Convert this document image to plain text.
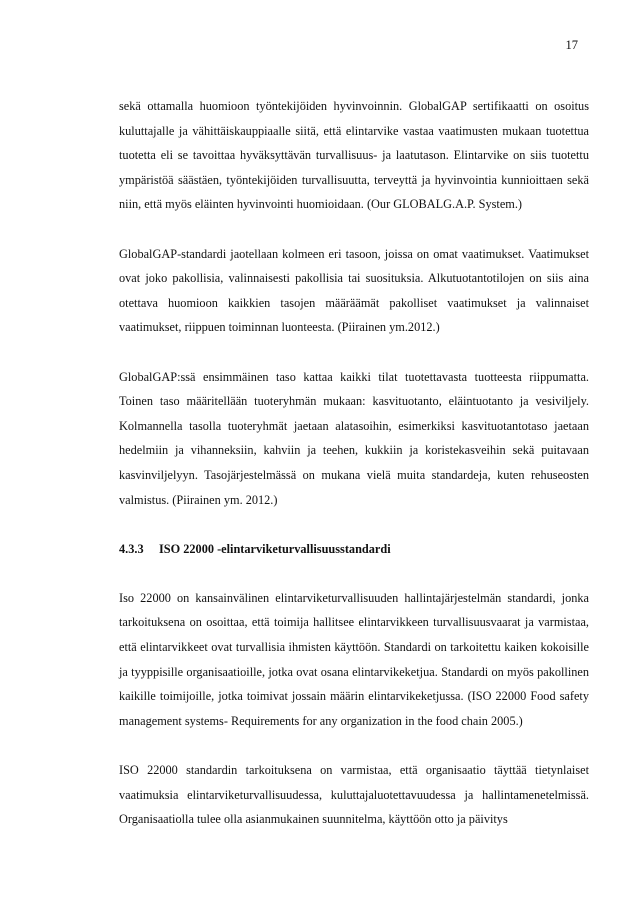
17

sekä ottamalla huomioon työntekijöiden hyvinvoinnin. GlobalGAP sertifikaatti on osoitus kuluttajalle ja vähittäiskauppiaalle siitä, että elintarvike vastaa vaatimusten mukaan tuotettua tuotetta eli se tavoittaa hyväksyttävän turvallisuus- ja laatutason. Elintarvike on siis tuotettu ympäristöä säästäen, työntekijöiden turvallisuutta, terveyttä ja hyvinvointia kunnioittaen sekä niin, että myös eläinten hyvinvointi huomioidaan. (Our GLOBALG.A.P. System.)

GlobalGAP-standardi jaotellaan kolmeen eri tasoon, joissa on omat vaatimukset. Vaatimukset ovat joko pakollisia, valinnaisesti pakollisia tai suosituksia. Alkutuotantotilojen on siis aina otettava huomioon kaikkien tasojen määräämät pakolliset vaatimukset ja valinnaiset vaatimukset, riippuen toiminnan luonteesta. (Piirainen ym.2012.)

GlobalGAP:ssä ensimmäinen taso kattaa kaikki tilat tuotettavasta tuotteesta riippumatta. Toinen taso määritellään tuoteryhmän mukaan: kasvituotanto, eläintuotanto ja vesiviljely. Kolmannella tasolla tuoteryhmät jaetaan alatasoihin, esimerkiksi kasvituotantotaso jaetaan hedelmiin ja vihanneksiin, kahviin ja teehen, kukkiin ja koristekasveihin sekä puitavaan kasvinviljelyyn. Tasojärjestelmässä on mukana vielä muita standardeja, kuten rehuseosten valmistus. (Piirainen ym. 2012.)

4.3.3 ISO 22000 -elintarviketurvallisuusstandardi

Iso 22000 on kansainvälinen elintarviketurvallisuuden hallintajärjestelmän standardi, jonka tarkoituksena on osoittaa, että toimija hallitsee elintarvikkeen turvallisuusvaarat ja varmistaa, että elintarvikkeet ovat turvallisia ihmisten käyttöön. Standardi on tarkoitettu kaiken kokoisille ja tyyppisille organisaatioille, jotka ovat osana elintarvikeketjua. Standardi on myös pakollinen kaikille toimijoille, jotka toimivat jossain määrin elintarvikeketjussa. (ISO 22000 Food safety management systems- Requirements for any organization in the food chain 2005.)

ISO 22000 standardin tarkoituksena on varmistaa, että organisaatio täyttää tietynlaiset vaatimuksia elintarviketurvallisuudessa, kuluttajaluotettavuudessa ja hallintamenetelmissä. Organisaatiolla tulee olla asianmukainen suunnitelma, käyttöön otto ja päivitys
